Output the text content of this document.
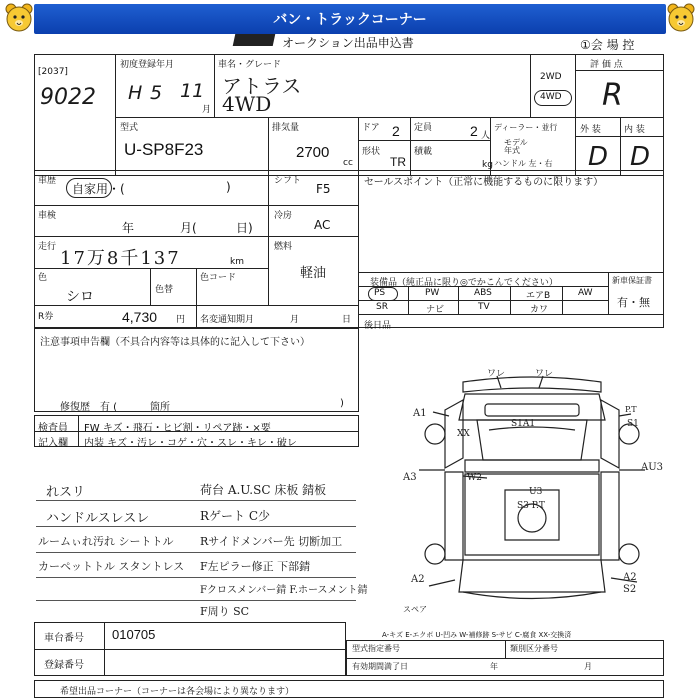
バン・トラックコーナー
オークション出品申込書	①会 場 控
[2037]
9022
初度登録年月
H 5 11
月
車名・グレード
アトラス
4WD
2WD
4WD
評 価 点
R
型式
U-SP8F23
排気量
2700
cc
ドア 2 定員	2 人
ディーラー・並行
モデル
年式
形状
TR
積載
kg ハンドル 左・右
外 装	内 装
D D
車歴
自家用・(	)	シフト
F5
車検
年	月(	日)
冷房
AC
走行
17万8千137	km
燃料
軽油
色
シロ	色替
色コード
R券	4,730 円 名変通知期月	月	日
セールスポイント（正常に機能するものに限ります）
装備品（純正品に限り◎でかこんでください）	新車保証書
有・無
PS	PW	ABS	エアB	AW
SR	ナビ	TV	カワ
後日品
注意事項申告欄（不具合内容等は具体的に記入して下さい）
修復歴 有 (	箇所	)
検査員 FW キズ・飛石・ヒビ割・リペア跡・×要
記入欄 内装 キズ・汚レ・コゲ・穴・スレ・キレ・破レ
れスリ
ハンドルスレスレ
ルームぃれ汚れ シートトル
カーペットトル スタントレス
荷台 A.U.SC 床板 錆板
Rゲート C少
Rサイドメンバー先 切断加工
F左ピラー修正 下部錆
Fクロスメンバー錆 F.ホースメント錆
F周り SC
ワレ	ワレ
A1
XX
S1A1
P.T
S1
A3	W2
AU3
U3
S3 P.T
A2	A2
S2
スペア
車台番号 010705
登録番号
A-キズ E-エクボ U-凹み W-補修跡 S-サビ C-腐食 XX-交換済
型式指定番号	類別区分番号
有効期間満了日	年	月
希望出品コーナー（コーナーは各会場により異なります）
